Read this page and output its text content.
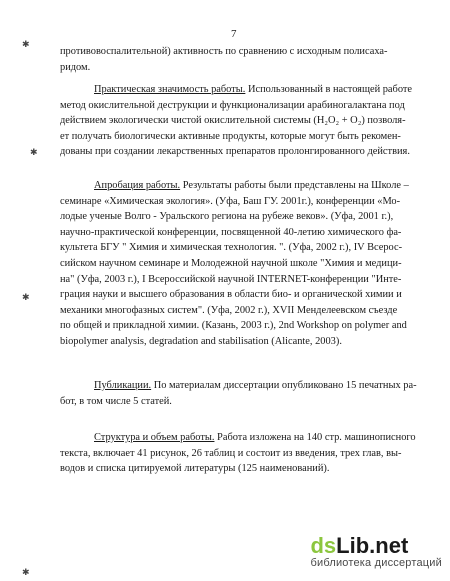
7
✱
✱
✱
✱
противовоспалительной) активность по сравнению с исходным полисаха-
ридом.
Практическая значимость работы. Использованный в настоящей работе
метод окислительной деструкции и функционализации арабиногалактана под
действием экологически чистой окислительной системы (H₂O₂ + O₂) позволя-
ет получать биологически активные продукты, которые могут быть рекомен-
дованы при создании лекарственных препаратов пролонгированного действия.
Апробация работы. Результаты работы были представлены на Школе –
семинаре «Химическая экология». (Уфа, Баш ГУ. 2001г.), конференции «Мо-
лодые ученые Волго - Уральского региона на рубеже веков». (Уфа, 2001 г.),
научно-практической конференции, посвященной 40-летию химического фа-
культета БГУ " Химия и химическая технология. ". (Уфа, 2002 г.), IV Всерос-
сийском научном семинаре и Молодежной научной школе "Химия и медици-
на" (Уфа, 2003 г.), I Всероссийской научной INTERNET-конференции "Инте-
грация науки и высшего образования в области био- и органической химии и
механики многофазных систем". (Уфа, 2002 г.), XVII Менделеевском съезде
по общей и прикладной химии. (Казань, 2003 г.), 2nd Workshop on polymer and
biopolymer analysis, degradation and stabilisation (Alicante, 2003).
Публикации. По материалам диссертации опубликовано 15 печатных ра-
бот, в том числе 5 статей.
Структура и объем работы. Работа изложена на 140 стр. машинописного
текста, включает 41 рисунок, 26 таблиц и состоит из введения, трех глав, вы-
водов и списка цитируемой литературы (125 наименований).
ds Lib .net
библиотека диссертаций
